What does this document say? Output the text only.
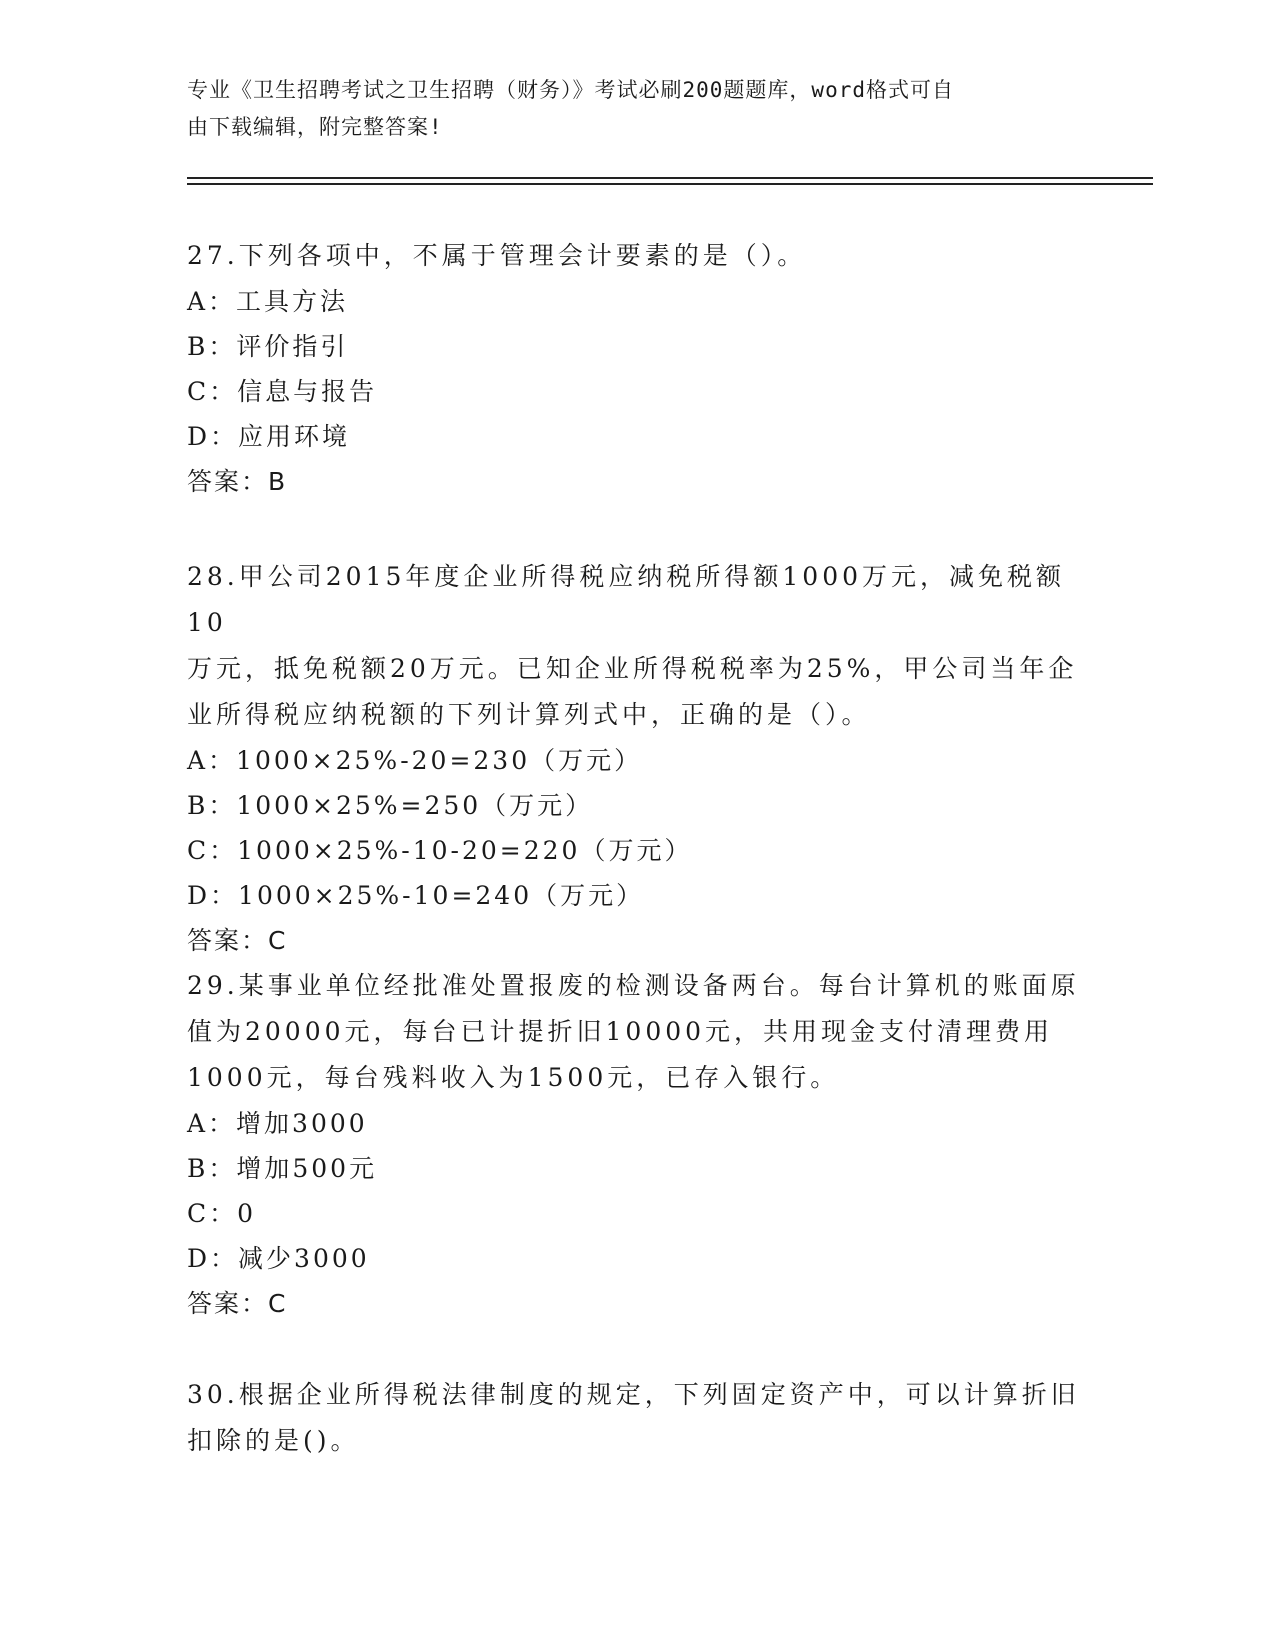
专业《卫生招聘考试之卫生招聘（财务）》考试必刷200题题库，word格式可自
由下载编辑，附完整答案!

27.下列各项中，不属于管理会计要素的是（）。

A：工具方法

B：评价指引

C：信息与报告

D：应用环境

答案：B

28.甲公司2015年度企业所得税应纳税所得额1000万元，减免税额10

万元，抵免税额20万元。已知企业所得税税率为25%，甲公司当年企

业所得税应纳税额的下列计算列式中，正确的是（）。

A：1000×25%-20=230（万元）

B：1000×25%=250（万元）

C：1000×25%-10-20=220（万元）

D：1000×25%-10=240（万元）

答案：C

29.某事业单位经批准处置报废的检测设备两台。每台计算机的账面原

值为20000元，每台已计提折旧10000元，共用现金支付清理费用

1000元，每台残料收入为1500元，已存入银行。

A：增加3000

B：增加500元

C：0

D：减少3000

答案：C

30.根据企业所得税法律制度的规定，下列固定资产中，可以计算折旧

扣除的是()。
